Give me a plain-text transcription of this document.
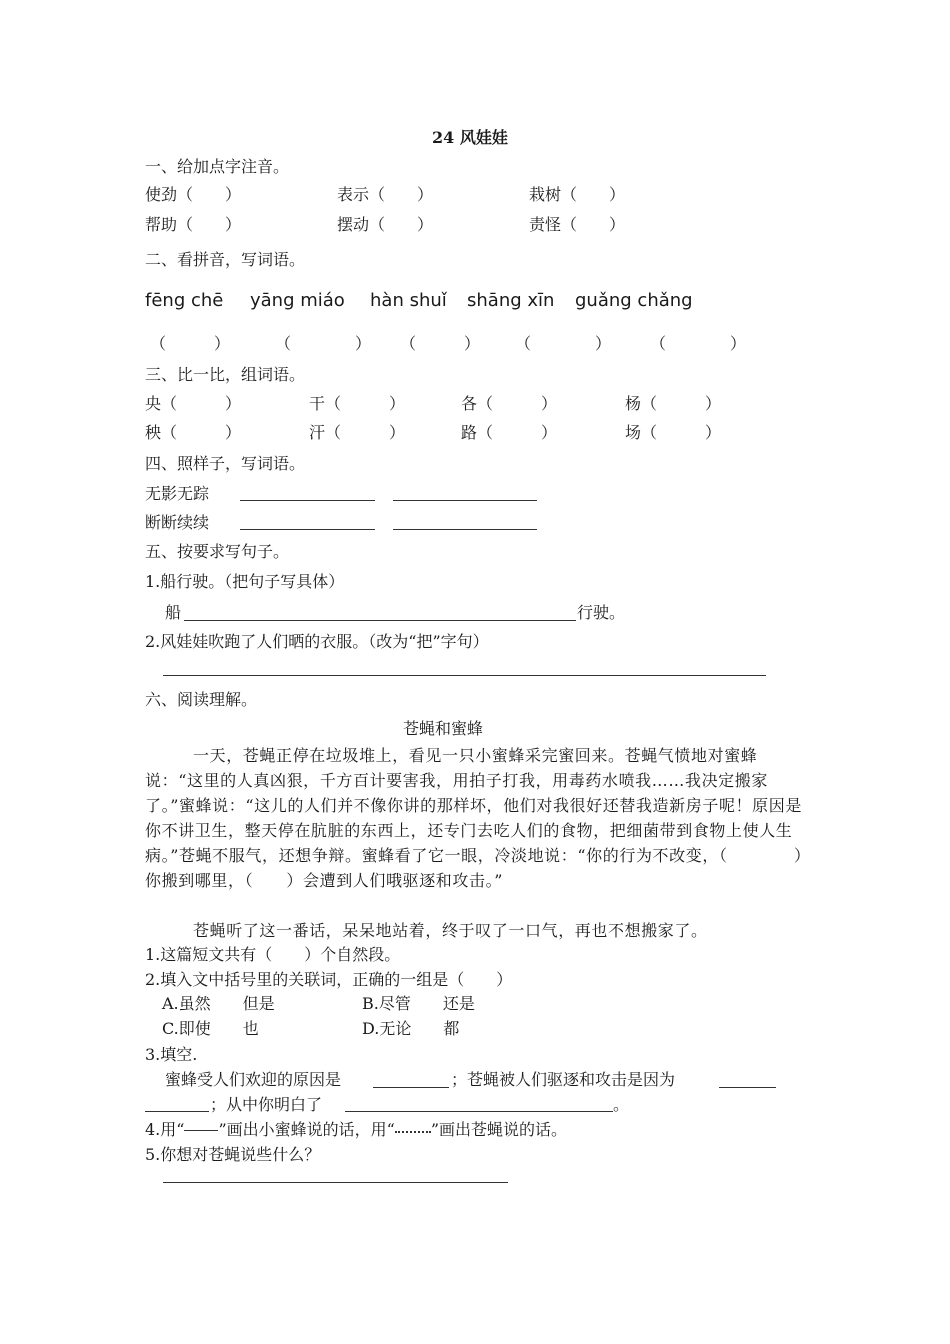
24 风娃娃
一、给加点字注音。
使劲（　　）	表示（　　）	栽树（　　）
帮助（　　）	摆动（　　）	责怪（　　）
二、看拼音，写词语。
fēng chē yāng miáo hàn shuǐ shāng xīn guǎng chǎng
（　　　）	（　　　　） （　　　） （　　　　） （　　　　）
三、比一比，组词语。
央（　　　）	干（　　　）	各（　　　）	杨（　　　）
秧（　　　）	汗（　　　）	路（　　　）	场（　　　）
四、照样子，写词语。
无影无踪
断断续续
五、按要求写句子。
1.船行驶。（把句子写具体）
船	行驶。
2.风娃娃吹跑了人们晒的衣服。（改为“把”字句）
六、阅读理解。
苍蝇和蜜蜂
一天，苍蝇正停在垃圾堆上，看见一只小蜜蜂采完蜜回来。苍蝇气愤地对蜜蜂说：“这里的人真凶狠，千方百计要害我，用拍子打我，用毒药水喷我……我决定搬家了。”蜜蜂说：“这儿的人们并不像你讲的那样坏，他们对我很好还替我造新房子呢！原因是你不讲卫生，整天停在肮脏的东西上，还专门去吃人们的食物，把细菌带到食物上使人生病。”苍蝇不服气，还想争辩。蜜蜂看了它一眼，冷淡地说：“你的行为不改变，（　　　　）你搬到哪里，（　　）会遭到人们哦驱逐和攻击。”
苍蝇听了这一番话，呆呆地站着，终于叹了一口气，再也不想搬家了。
1.这篇短文共有（　　）个自然段。
2.填入文中括号里的关联词，正确的一组是（　　）
A.虽然　　但是	B.尽管　　还是
C.即使　　也	D.无论　　都
3.填空.
蜜蜂受人们欢迎的原因是	；苍蝇被人们驱逐和攻击是因为
；从中你明白了	。
4.用“ ”画出小蜜蜂说的话，用“ ”画出苍蝇说的话。
5.你想对苍蝇说些什么？
